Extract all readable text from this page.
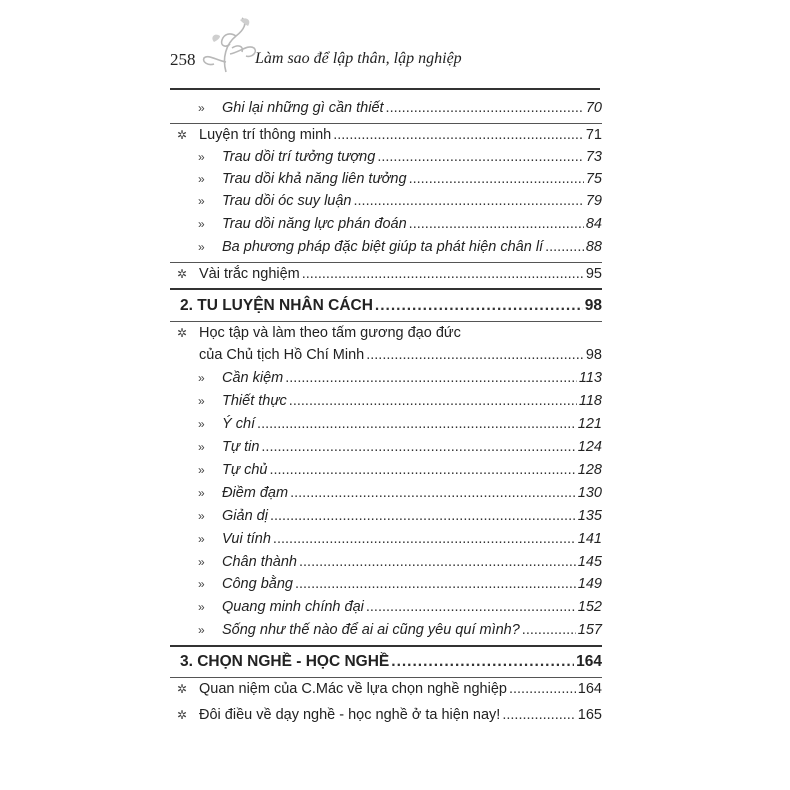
258	Làm sao để lập thân, lập nghiệp
» Ghi lại những gì cần thiết .....	70
✲ Luyện trí thông minh .....	71
» Trau dồi trí tưởng tượng .....	73
» Trau dồi khả năng liên tưởng .....	75
» Trau dồi óc suy luận .....	79
» Trau dồi năng lực phán đoán .....	84
» Ba phương pháp đặc biệt giúp ta phát hiện chân lí .....	88
✲ Vài trắc nghiệm .....	95
2. TU LUYỆN NHÂN CÁCH .....	98
✲ Học tập và làm theo tấm gương đạo đức
của Chủ tịch Hồ Chí Minh .....	98
» Cần kiệm .....	113
» Thiết thực .....	118
» Ý chí .....	121
» Tự tin .....	124
» Tự chủ .....	128
» Điềm đạm .....	130
» Giản dị .....	135
» Vui tính .....	141
» Chân thành .....	145
» Công bằng .....	149
» Quang minh chính đại .....	152
» Sống như thế nào để ai ai cũng yêu quí mình? .....	157
3. CHỌN NGHỀ - HỌC NGHỀ .....	164
✲ Quan niệm của C.Mác về lựa chọn nghề nghiệp .....	164
✲ Đôi điều về dạy nghề - học nghề ở ta hiện nay! .....	165
